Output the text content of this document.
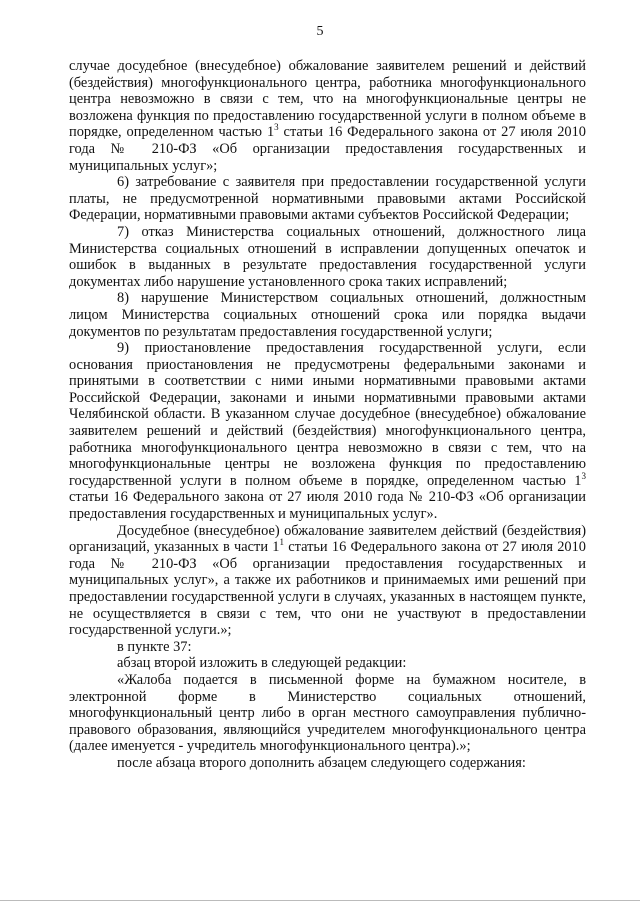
5

случае досудебное (внесудебное) обжалование заявителем решений и действий (бездействия) многофункционального центра, работника многофункционального центра невозможно в связи с тем, что на многофункциональные центры не возложена функция по предоставлению государственной услуги в полном объеме в порядке, определенном частью $1^3$ статьи 16 Федерального закона от 27 июля 2010 года № 210-ФЗ «Об организации предоставления государственных и муниципальных услуг»;

6) затребование с заявителя при предоставлении государственной услуги платы, не предусмотренной нормативными правовыми актами Российской Федерации, нормативными правовыми актами субъектов Российской Федерации;

7) отказ Министерства социальных отношений, должностного лица Министерства социальных отношений в исправлении допущенных опечаток и ошибок в выданных в результате предоставления государственной услуги документах либо нарушение установленного срока таких исправлений;

8) нарушение Министерством социальных отношений, должностным лицом Министерства социальных отношений срока или порядка выдачи документов по результатам предоставления государственной услуги;

9) приостановление предоставления государственной услуги, если основания приостановления не предусмотрены федеральными законами и принятыми в соответствии с ними иными нормативными правовыми актами Российской Федерации, законами и иными нормативными правовыми актами Челябинской области. В указанном случае досудебное (внесудебное) обжалование заявителем решений и действий (бездействия) многофункционального центра, работника многофункционального центра невозможно в связи с тем, что на многофункциональные центры не возложена функция по предоставлению государственной услуги в полном объеме в порядке, определенном частью $1^3$ статьи 16 Федерального закона от 27 июля 2010 года № 210-ФЗ «Об организации предоставления государственных и муниципальных услуг».

Досудебное (внесудебное) обжалование заявителем действий (бездействия) организаций, указанных в части $1^1$ статьи 16 Федерального закона от 27 июля 2010 года № 210-ФЗ «Об организации предоставления государственных и муниципальных услуг», а также их работников и принимаемых ими решений при предоставлении государственной услуги в случаях, указанных в настоящем пункте, не осуществляется в связи с тем, что они не участвуют в предоставлении государственной услуги.»;

в пункте 37:

абзац второй изложить в следующей редакции:

«Жалоба подается в письменной форме на бумажном носителе, в электронной форме в Министерство социальных отношений, многофункциональный центр либо в орган местного самоуправления публично-правового образования, являющийся учредителем многофункционального центра (далее именуется - учредитель многофункционального центра).»;

после абзаца второго дополнить абзацем следующего содержания:
